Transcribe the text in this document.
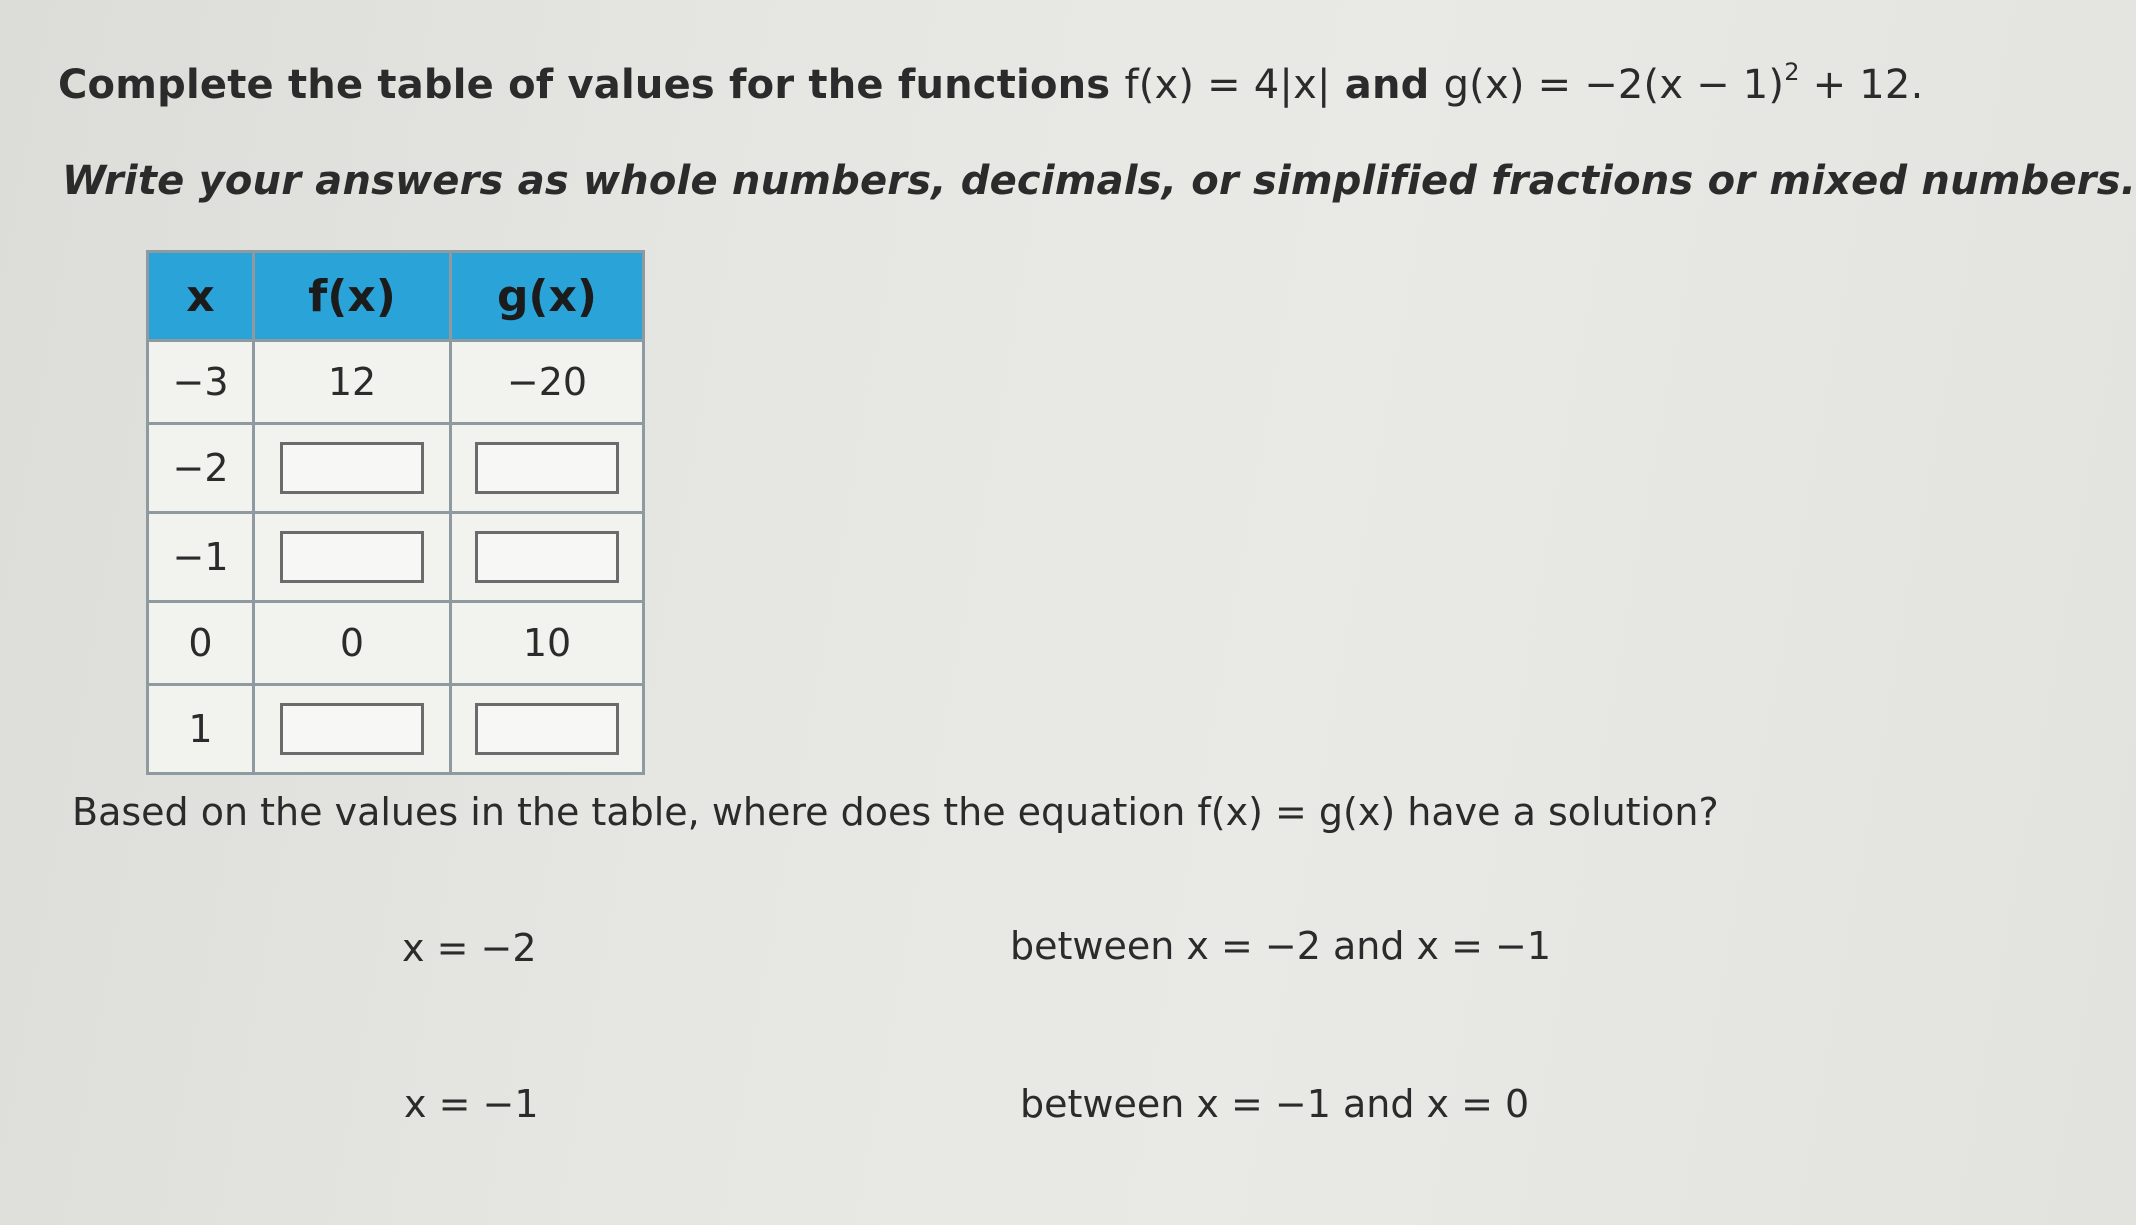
Complete the table of values for the functions f(x) = 4|x| and $g(x) = -2(x - 1)^2 + 12$.
Write your answers as whole numbers, decimals, or simplified fractions or mixed numbers.
x	f(x)	g(x)
−3	12	−20
−2		
−1		
0	0	10
1		
Based on the values in the table, where does the equation f(x) = g(x) have a solution?
x = −2	between x = −2 and x = −1
x = −1	between x = −1 and x = 0
